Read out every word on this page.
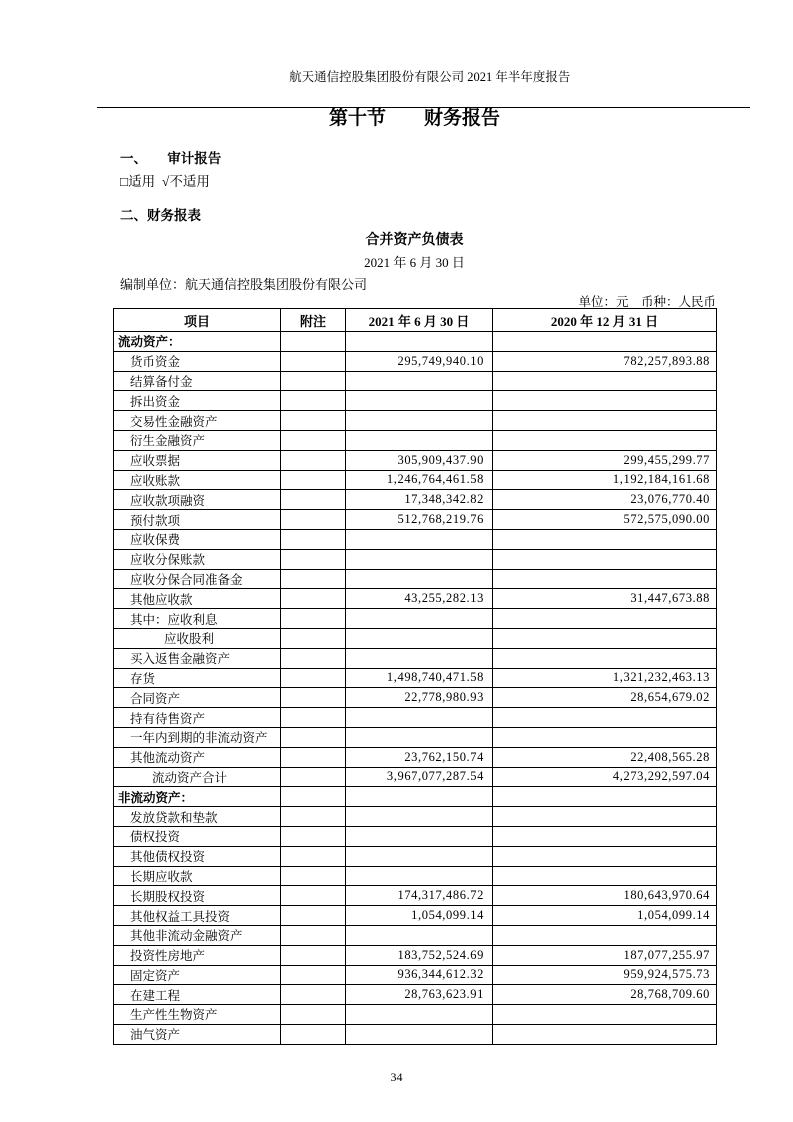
航天通信控股集团股份有限公司 2021 年半年度报告

第十节　　财务报告
一、　　审计报告
□适用  √不适用
二、财务报表
合并资产负债表
2021 年 6 月 30 日
编制单位：航天通信控股集团股份有限公司
单位：元　币种：人民币
项目	附注	2021 年 6 月 30 日	2020 年 12 月 31 日
流动资产：			
货币资金		295,749,940.10	782,257,893.88
结算备付金			
拆出资金			
交易性金融资产			
衍生金融资产			
应收票据		305,909,437.90	299,455,299.77
应收账款		1,246,764,461.58	1,192,184,161.68
应收款项融资		17,348,342.82	23,076,770.40
预付款项		512,768,219.76	572,575,090.00
应收保费			
应收分保账款			
应收分保合同准备金			
其他应收款		43,255,282.13	31,447,673.88
其中：应收利息			
应收股利			
买入返售金融资产			
存货		1,498,740,471.58	1,321,232,463.13
合同资产		22,778,980.93	28,654,679.02
持有待售资产			
一年内到期的非流动资产			
其他流动资产		23,762,150.74	22,408,565.28
流动资产合计		3,967,077,287.54	4,273,292,597.04
非流动资产：			
发放贷款和垫款			
债权投资			
其他债权投资			
长期应收款			
长期股权投资		174,317,486.72	180,643,970.64
其他权益工具投资		1,054,099.14	1,054,099.14
其他非流动金融资产			
投资性房地产		183,752,524.69	187,077,255.97
固定资产		936,344,612.32	959,924,575.73
在建工程		28,763,623.91	28,768,709.60
生产性生物资产			
油气资产			
34
